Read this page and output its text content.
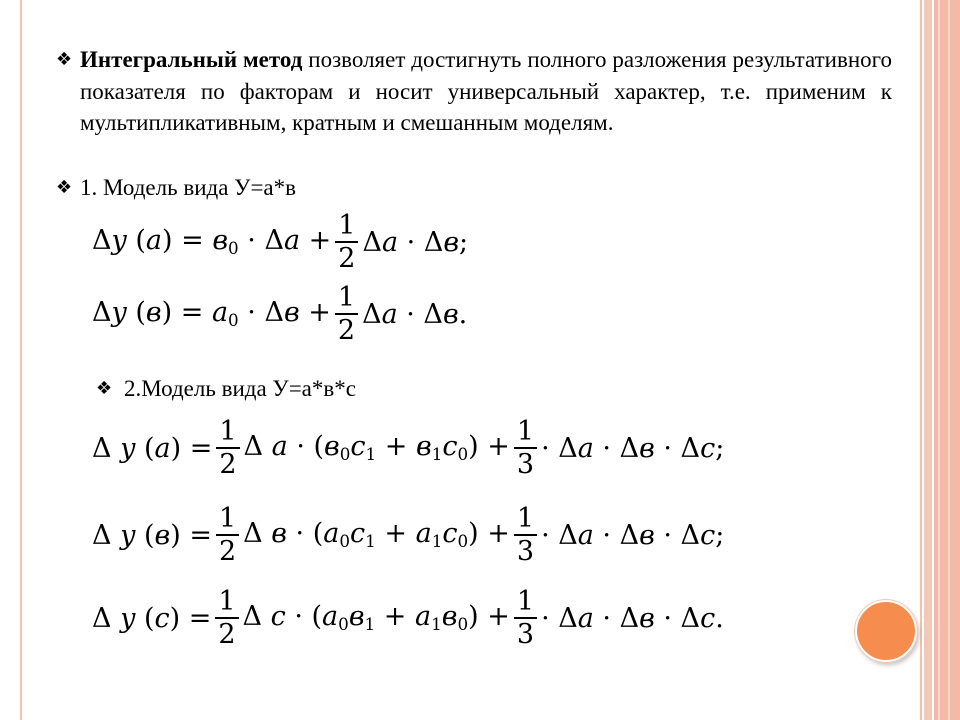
❖ Интегральный метод позволяет достигнуть полного разложения результативного показателя по факторам и носит универсальный характер, т.е. применим к мультипликативным, кратным и смешанным моделям.
❖ 1. Модель вида У=а*в
Δy $(a) = в_0 \cdot \Delta a + \frac{1}{2}$ Δa · Δв;
Δy $(в) = a_0 \cdot \Delta в + \frac{1}{2}$ Δa · Δв.
❖ 2.Модель вида У=а*в*с
Δ y $(a) = \frac{1}{2}$ Δ $a \cdot (в_0c_1 + в_1c_0) + \frac{1}{3} \cdot \Delta a \cdot \Delta в \cdot \Delta c$;
Δ y $(в) = \frac{1}{2}$ Δ $в \cdot (a_0c_1 + a_1c_0) + \frac{1}{3} \cdot \Delta a \cdot \Delta в \cdot \Delta c$;
Δ y $(c) = \frac{1}{2}$ Δ $c \cdot (a_0в_1 + a_1в_0) + \frac{1}{3} \cdot \Delta a \cdot \Delta в \cdot \Delta c$.
